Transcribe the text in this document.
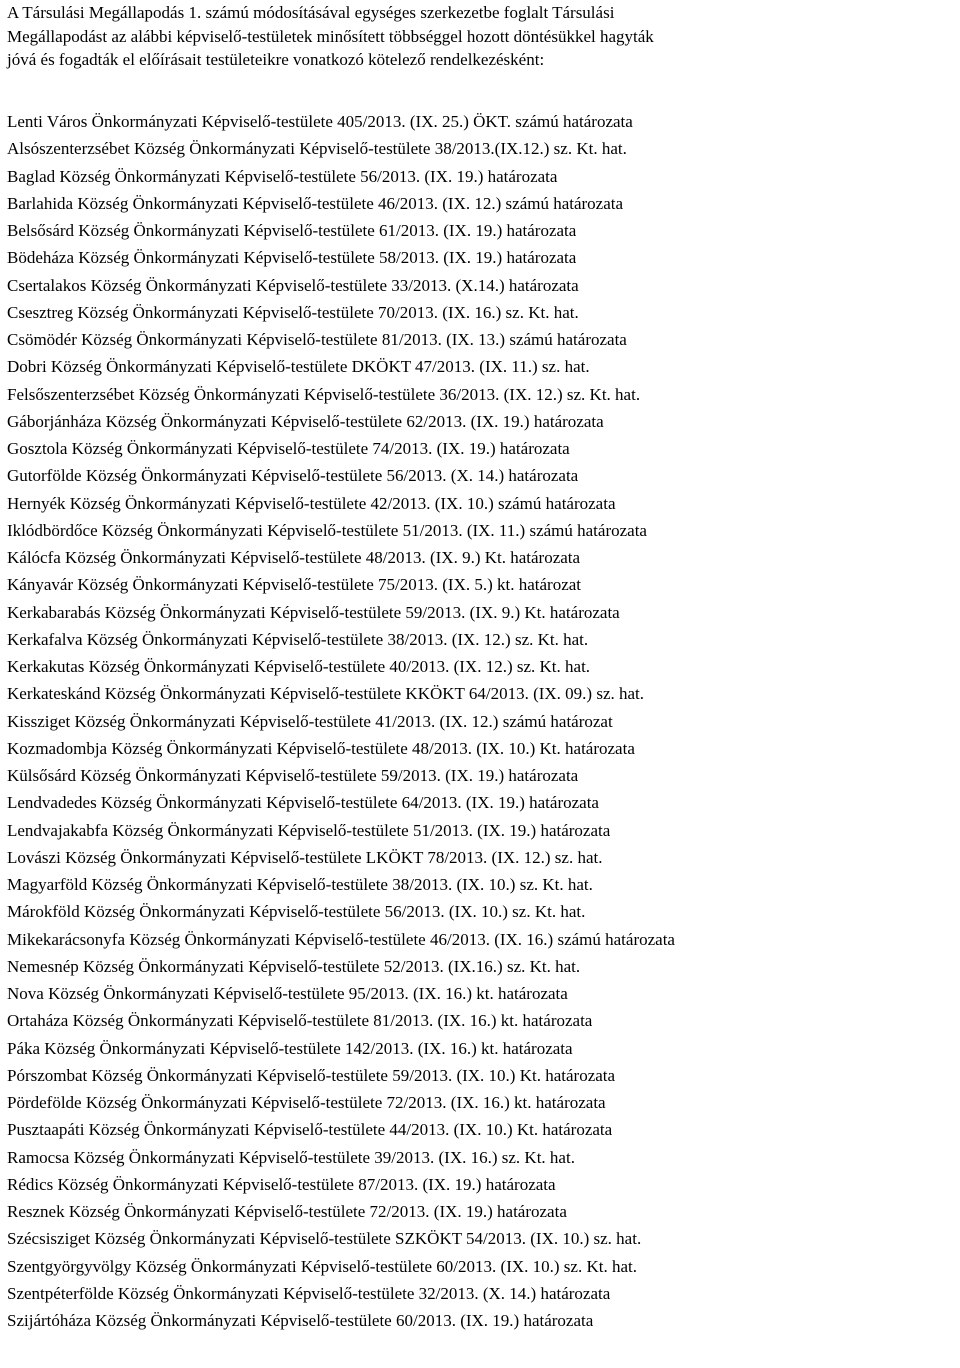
A Társulási Megállapodás 1. számú módosításával egységes szerkezetbe foglalt Társulási
Megállapodást az alábbi képviselő-testületek minősített többséggel hozott döntésükkel hagyták
jóvá és fogadták el előírásait testületeikre vonatkozó kötelező rendelkezésként:

Lenti Város Önkormányzati Képviselő-testülete 405/2013. (IX. 25.) ÖKT. számú határozata
Alsószenterzsébet Község Önkormányzati Képviselő-testülete 38/2013.(IX.12.) sz. Kt. hat.
Baglad Község Önkormányzati Képviselő-testülete 56/2013. (IX. 19.) határozata
Barlahida Község Önkormányzati Képviselő-testülete 46/2013. (IX. 12.) számú határozata
Belsősárd Község Önkormányzati Képviselő-testülete 61/2013. (IX. 19.) határozata
Bödeháza Község Önkormányzati Képviselő-testülete 58/2013. (IX. 19.) határozata
Csertalakos Község Önkormányzati Képviselő-testülete 33/2013. (X.14.) határozata
Csesztreg Község Önkormányzati Képviselő-testülete 70/2013. (IX. 16.) sz. Kt. hat.
Csömödér Község Önkormányzati Képviselő-testülete 81/2013. (IX. 13.) számú határozata
Dobri Község Önkormányzati Képviselő-testülete DKÖKT 47/2013. (IX. 11.) sz. hat.
Felsőszenterzsébet Község Önkormányzati Képviselő-testülete 36/2013. (IX. 12.) sz. Kt. hat.
Gáborjánháza Község Önkormányzati Képviselő-testülete 62/2013. (IX. 19.) határozata
Gosztola Község Önkormányzati Képviselő-testülete 74/2013. (IX. 19.) határozata
Gutorfölde Község Önkormányzati Képviselő-testülete 56/2013. (X. 14.) határozata
Hernyék Község Önkormányzati Képviselő-testülete 42/2013. (IX. 10.) számú határozata
Iklódbördőce Község Önkormányzati Képviselő-testülete 51/2013. (IX. 11.) számú határozata
Kálócfa Község Önkormányzati Képviselő-testülete 48/2013. (IX. 9.) Kt. határozata
Kányavár Község Önkormányzati Képviselő-testülete 75/2013. (IX. 5.) kt. határozat
Kerkabarabás Község Önkormányzati Képviselő-testülete 59/2013. (IX. 9.) Kt. határozata
Kerkafalva Község Önkormányzati Képviselő-testülete 38/2013. (IX. 12.) sz. Kt. hat.
Kerkakutas Község Önkormányzati Képviselő-testülete 40/2013. (IX. 12.) sz. Kt. hat.
Kerkateskánd Község Önkormányzati Képviselő-testülete KKÖKT 64/2013. (IX. 09.) sz. hat.
Kissziget Község Önkormányzati Képviselő-testülete 41/2013. (IX. 12.) számú határozat
Kozmadombja Község Önkormányzati Képviselő-testülete 48/2013. (IX. 10.) Kt. határozata
Külsősárd Község Önkormányzati Képviselő-testülete 59/2013. (IX. 19.) határozata
Lendvadedes Község Önkormányzati Képviselő-testülete 64/2013. (IX. 19.) határozata
Lendvajakabfa Község Önkormányzati Képviselő-testülete 51/2013. (IX. 19.) határozata
Lovászi Község Önkormányzati Képviselő-testülete LKÖKT 78/2013. (IX. 12.) sz. hat.
Magyarföld Község Önkormányzati Képviselő-testülete 38/2013. (IX. 10.) sz. Kt. hat.
Márokföld Község Önkormányzati Képviselő-testülete 56/2013. (IX. 10.) sz. Kt. hat.
Mikekarácsonyfa Község Önkormányzati Képviselő-testülete 46/2013. (IX. 16.) számú határozata
Nemesnép Község Önkormányzati Képviselő-testülete 52/2013. (IX.16.) sz. Kt. hat.
Nova Község Önkormányzati Képviselő-testülete 95/2013. (IX. 16.) kt. határozata
Ortaháza Község Önkormányzati Képviselő-testülete 81/2013. (IX. 16.) kt. határozata
Páka Község Önkormányzati Képviselő-testülete 142/2013. (IX. 16.) kt. határozata
Pórszombat Község Önkormányzati Képviselő-testülete 59/2013. (IX. 10.) Kt. határozata
Pördefölde Község Önkormányzati Képviselő-testülete 72/2013. (IX. 16.) kt. határozata
Pusztaapáti Község Önkormányzati Képviselő-testülete 44/2013. (IX. 10.) Kt. határozata
Ramocsa Község Önkormányzati Képviselő-testülete 39/2013. (IX. 16.) sz. Kt. hat.
Rédics Község Önkormányzati Képviselő-testülete 87/2013. (IX. 19.) határozata
Resznek Község Önkormányzati Képviselő-testülete 72/2013. (IX. 19.) határozata
Szécsisziget Község Önkormányzati Képviselő-testülete SZKÖKT 54/2013. (IX. 10.) sz. hat.
Szentgyörgyvölgy Község Önkormányzati Képviselő-testülete 60/2013. (IX. 10.) sz. Kt. hat.
Szentpéterfölde Község Önkormányzati Képviselő-testülete 32/2013. (X. 14.) határozata
Szijártóháza Község Önkormányzati Képviselő-testülete 60/2013. (IX. 19.) határozata
